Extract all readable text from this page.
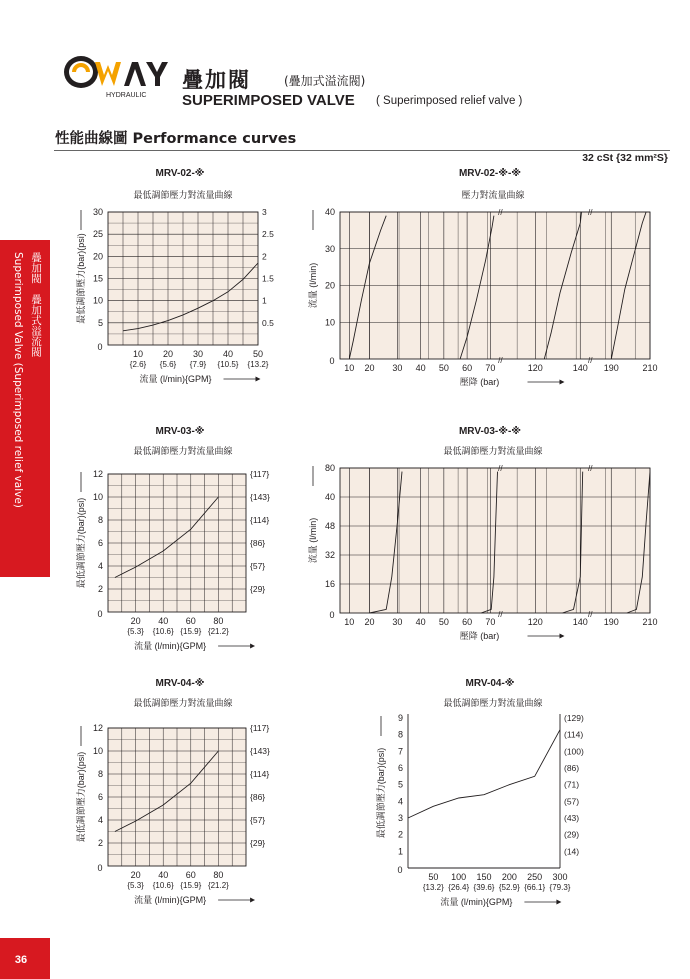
HYDRAULIC
疊加閥	(疊加式溢流閥)
SUPERIMPOSED VALVE ( Superimposed relief valve )
性能曲線圖 Performance curves
32 cSt {32 mm²S}
疊加閥　疊加式溢流閥
Superimposed Valve (Superimposed relief valve)
36
MRV-02-※
最低調節壓力對流量曲線
0
5	0.5
10	1
15	1.5
20	2
25	2.5
30	3
10
{2.6}
20
{5.6}
30
{7.9}
40
{10.5}
50
{13.2}
流量 (l/min){GPM}
最低調節壓力(bar)(psi)
MRV-02-※-※
壓力對流量曲線
//
//
//
//
0
10
20
30
40
10 20 30 40 50 60 70	120	140 190	210
壓降 (bar)
流量 (l/min)
MRV-03-※
最低調節壓力對流量曲線
0
2	{29}
4	{57}
6	{86}
8	{114}
10	{143}
12	{117}
20
{5.3}
40
{10.6}
60
{15.9}
80
{21.2}
流量 (l/min){GPM}
最低調節壓力(bar)(psi)
MRV-03-※-※
最低調節壓力對流量曲線
//
//
//
//
0
16
32
48
40
80
10 20 30 40 50 60 70	120	140 190	210
壓降 (bar)
流量 (l/min)
MRV-04-※
最低調節壓力對流量曲線
0
2	{29}
4	{57}
6	{86}
8	{114}
10	{143}
12	{117}
20
{5.3}
40
{10.6}
60
{15.9}
80
{21.2}
流量 (l/min){GPM}
最低調節壓力(bar)(psi)
MRV-04-※
最低調節壓力對流量曲線
0
1	(14)
2	(29)
3	(43)
4	(57)
5	(71)
6	(86)
7	(100)
8	(114)
9	(129)
50
{13.2}
100
{26.4}
150
{39.6}
200
{52.9}
250
{66.1}
300
{79.3}
流量 (l/min){GPM}
最低調節壓力(bar)(psi)
